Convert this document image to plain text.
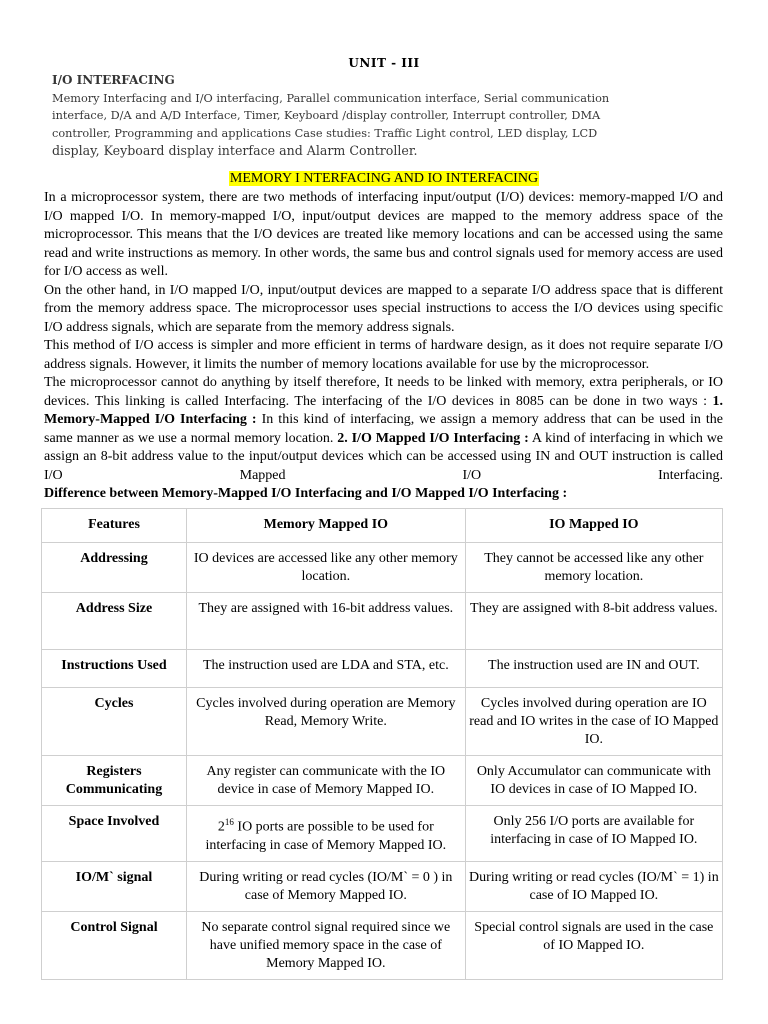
UNIT - III
I/O INTERFACING
Memory Interfacing and I/O interfacing, Parallel communication interface, Serial communication interface, D/A and A/D Interface, Timer, Keyboard /display controller, Interrupt controller, DMA controller, Programming and applications Case studies: Traffic Light control, LED display, LCD display, Keyboard display interface and Alarm Controller.
MEMORY I NTERFACING AND IO INTERFACING

In a microprocessor system, there are two methods of interfacing input/output (I/O) devices: memory-mapped I/O and I/O mapped I/O. In memory-mapped I/O, input/output devices are mapped to the memory address space of the microprocessor. This means that the I/O devices are treated like memory locations and can be accessed using the same read and write instructions as memory. In other words, the same bus and control signals used for memory access are used for I/O access as well.

On the other hand, in I/O mapped I/O, input/output devices are mapped to a separate I/O address space that is different from the memory address space. The microprocessor uses special instructions to access the I/O devices using specific I/O address signals, which are separate from the memory address signals.

This method of I/O access is simpler and more efficient in terms of hardware design, as it does not require separate I/O address signals. However, it limits the number of memory locations available for use by the microprocessor.

The microprocessor cannot do anything by itself therefore, It needs to be linked with memory, extra peripherals, or IO devices. This linking is called Interfacing. The interfacing of the I/O devices in 8085 can be done in two ways : 1. Memory-Mapped I/O Interfacing : In this kind of interfacing, we assign a memory address that can be used in the same manner as we use a normal memory location. 2. I/O Mapped I/O Interfacing : A kind of interfacing in which we assign an 8-bit address value to the input/output devices which can be accessed using IN and OUT instruction is called I/O Mapped I/O Interfacing.

Difference between Memory-Mapped I/O Interfacing and I/O Mapped I/O Interfacing :

Features	Memory Mapped IO	IO Mapped IO
Addressing	IO devices are accessed like any other memory location.	They cannot be accessed like any other memory location.
Address Size	They are assigned with 16-bit address values.	They are assigned with 8-bit address values.
Instructions Used	The instruction used are LDA and STA, etc.	The instruction used are IN and OUT.
Cycles	Cycles involved during operation are Memory Read, Memory Write.	Cycles involved during operation are IO read and IO writes in the case of IO Mapped IO.
Registers Communicating	Any register can communicate with the IO device in case of Memory Mapped IO.	Only Accumulator can communicate with IO devices in case of IO Mapped IO.
Space Involved	$2^{16}$ IO ports are possible to be used for interfacing in case of Memory Mapped IO.	Only 256 I/O ports are available for interfacing in case of IO Mapped IO.
IO/M` signal	During writing or read cycles (IO/M` = 0 ) in case of Memory Mapped IO.	During writing or read cycles (IO/M` = 1) in case of IO Mapped IO.
Control Signal	No separate control signal required since we have unified memory space in the case of Memory Mapped IO.	Special control signals are used in the case of IO Mapped IO.
